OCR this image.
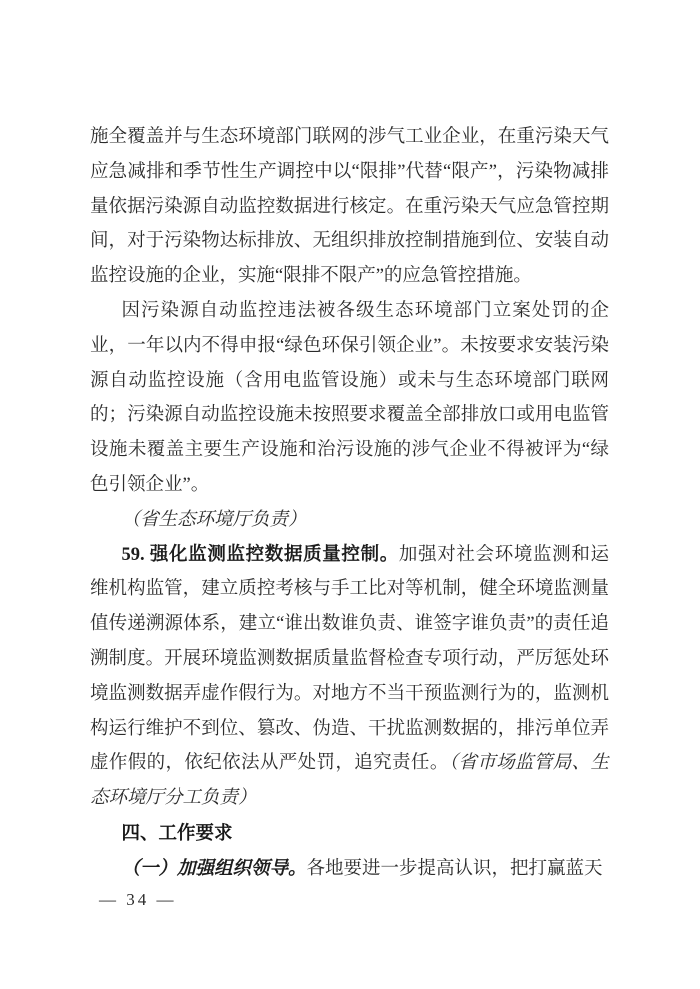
施全覆盖并与生态环境部门联网的涉气工业企业，在重污染天气应急减排和季节性生产调控中以“限排”代替“限产”，污染物减排量依据污染源自动监控数据进行核定。在重污染天气应急管控期间，对于污染物达标排放、无组织排放控制措施到位、安装自动监控设施的企业，实施“限排不限产”的应急管控措施。

因污染源自动监控违法被各级生态环境部门立案处罚的企业，一年以内不得申报“绿色环保引领企业”。未按要求安装污染源自动监控设施（含用电监管设施）或未与生态环境部门联网的；污染源自动监控设施未按照要求覆盖全部排放口或用电监管设施未覆盖主要生产设施和治污设施的涉气企业不得被评为“绿色引领企业”。

（省生态环境厅负责）

59. 强化监测监控数据质量控制。加强对社会环境监测和运维机构监管，建立质控考核与手工比对等机制，健全环境监测量值传递溯源体系，建立“谁出数谁负责、谁签字谁负责”的责任追溯制度。开展环境监测数据质量监督检查专项行动，严厉惩处环境监测数据弄虚作假行为。对地方不当干预监测行为的，监测机构运行维护不到位、篡改、伪造、干扰监测数据的，排污单位弄虚作假的，依纪依法从严处罚，追究责任。（省市场监管局、生态环境厅分工负责）

四、工作要求

（一）加强组织领导。各地要进一步提高认识，把打赢蓝天

— 34 —
